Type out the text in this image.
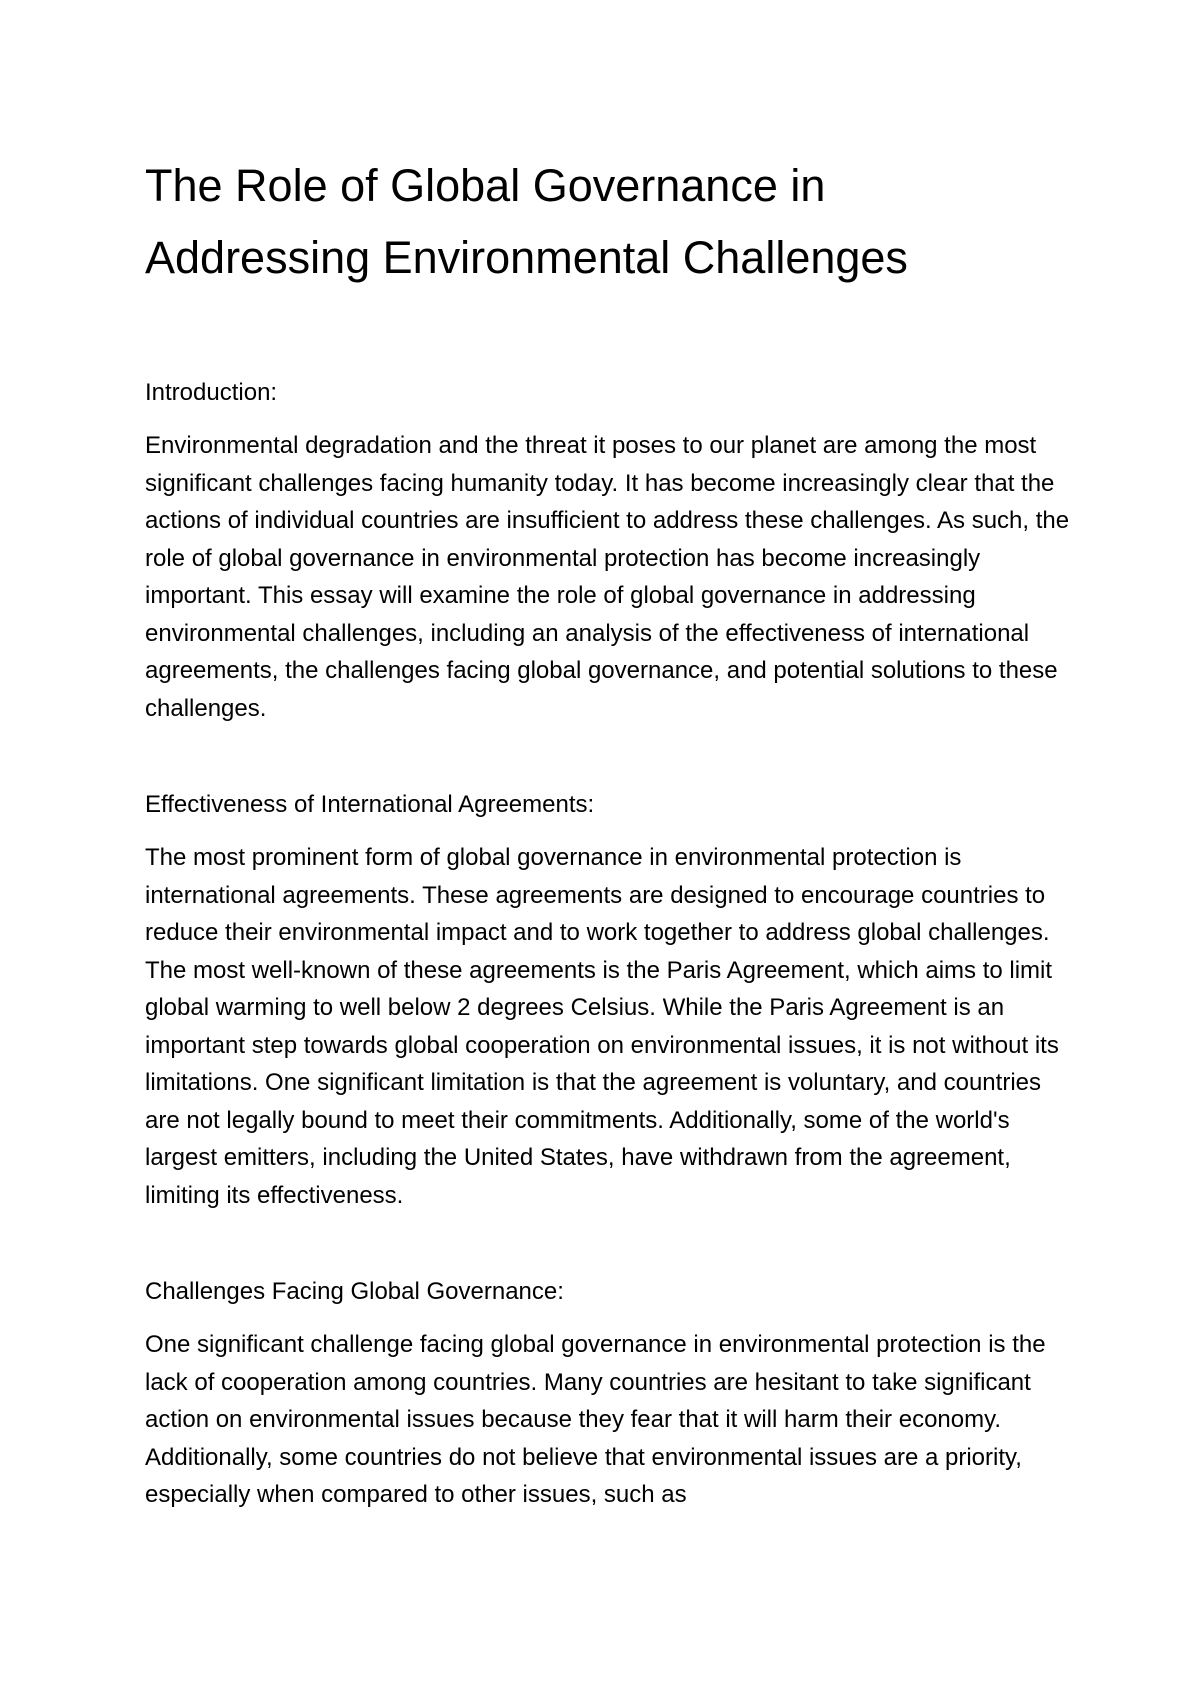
The Role of Global Governance in
Addressing Environmental Challenges
Introduction:

Environmental degradation and the threat it poses to our planet are among the most significant challenges facing humanity today. It has become increasingly clear that the actions of individual countries are insufficient to address these challenges. As such, the role of global governance in environmental protection has become increasingly important. This essay will examine the role of global governance in addressing environmental challenges, including an analysis of the effectiveness of international agreements, the challenges facing global governance, and potential solutions to these challenges.

Effectiveness of International Agreements:

The most prominent form of global governance in environmental protection is international agreements. These agreements are designed to encourage countries to reduce their environmental impact and to work together to address global challenges. The most well-known of these agreements is the Paris Agreement, which aims to limit global warming to well below 2 degrees Celsius. While the Paris Agreement is an important step towards global cooperation on environmental issues, it is not without its limitations. One significant limitation is that the agreement is voluntary, and countries are not legally bound to meet their commitments. Additionally, some of the world's largest emitters, including the United States, have withdrawn from the agreement, limiting its effectiveness.

Challenges Facing Global Governance:

One significant challenge facing global governance in environmental protection is the lack of cooperation among countries. Many countries are hesitant to take significant action on environmental issues because they fear that it will harm their economy. Additionally, some countries do not believe that environmental issues are a priority, especially when compared to other issues, such as
